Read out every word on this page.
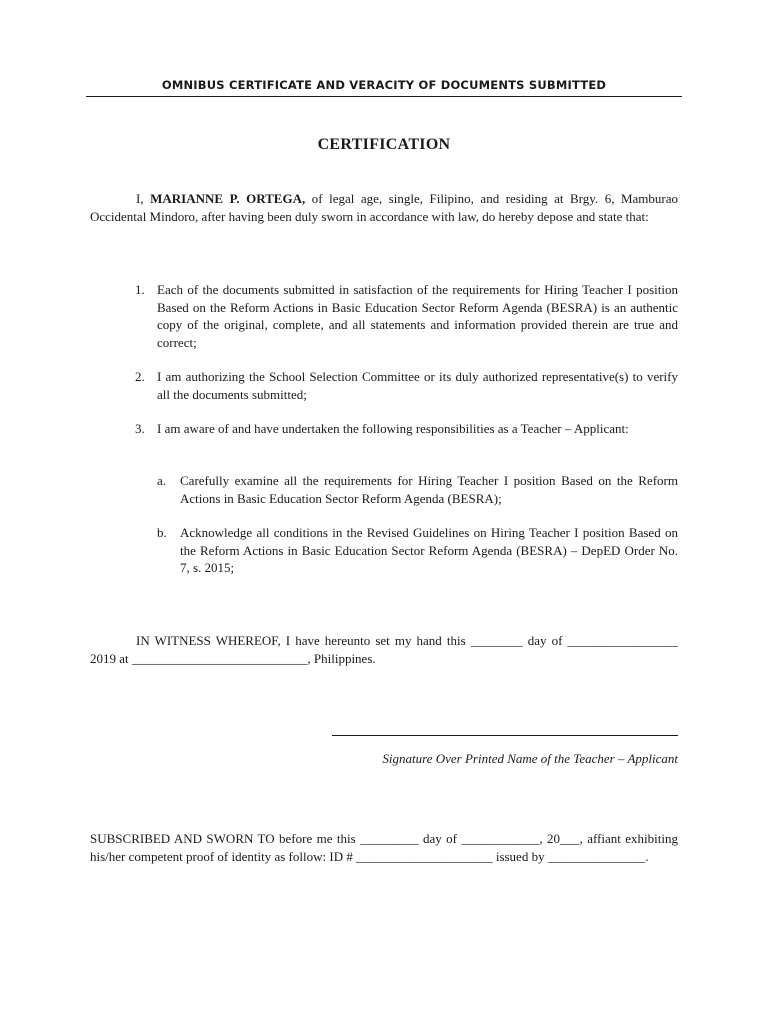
OMNIBUS CERTIFICATE AND VERACITY OF DOCUMENTS SUBMITTED
CERTIFICATION
I, MARIANNE P. ORTEGA, of legal age, single, Filipino, and residing at Brgy. 6, Mamburao Occidental Mindoro, after having been duly sworn in accordance with law, do hereby depose and state that:
1. Each of the documents submitted in satisfaction of the requirements for Hiring Teacher I position Based on the Reform Actions in Basic Education Sector Reform Agenda (BESRA) is an authentic copy of the original, complete, and all statements and information provided therein are true and correct;
2. I am authorizing the School Selection Committee or its duly authorized representative(s) to verify all the documents submitted;
3. I am aware of and have undertaken the following responsibilities as a Teacher – Applicant:
a. Carefully examine all the requirements for Hiring Teacher I position Based on the Reform Actions in Basic Education Sector Reform Agenda (BESRA);
b. Acknowledge all conditions in the Revised Guidelines on Hiring Teacher I position Based on the Reform Actions in Basic Education Sector Reform Agenda (BESRA) – DepED Order No. 7, s. 2015;
IN WITNESS WHEREOF, I have hereunto set my hand this ________ day of _________________ 2019 at ___________________________, Philippines.
Signature Over Printed Name of the Teacher – Applicant
SUBSCRIBED AND SWORN TO before me this _________ day of ____________, 20___, affiant exhibiting his/her competent proof of identity as follow: ID # _____________________ issued by _______________.
